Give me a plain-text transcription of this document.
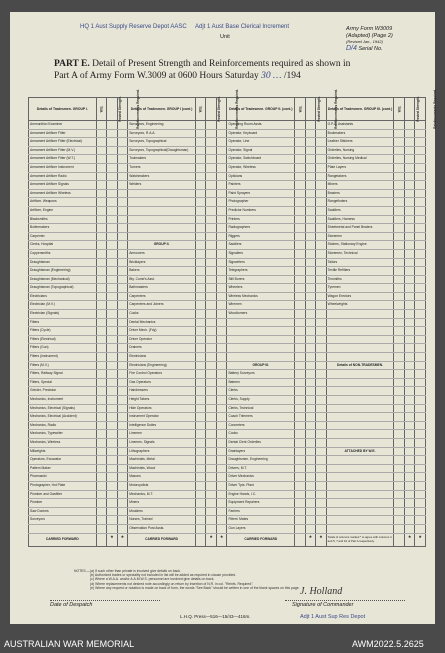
HQ 1 Aust Supply Reserve Depot AASC Adjt 1 Aust Base Clerical Increment
Unit
Army Form W3009
(Adapted) (Page 2)
(Revised Jan., 1942)
D/4 Serial No.
PART E. Detail of Present Strength and Reinforcements required as shown in
Part A of Army Form W.3009 at 0600 Hours Saturday 30 … /194
Details of Tradesmen. GROUP I.	W.E.	Posted Strength.	Reinforcements Required.	Details of Tradesmen. GROUP I (cont.)	W.E.	Posted Strength.	Reinforcements Required.	Details of Tradesmen. GROUP II. (cont.)	W.E.	Posted Strength.	Reinforcements Required.	Details of Tradesmen. GROUP III. (cont.)	W.E.	Posted Strength.	Reinforcements Required.
Ammunition Examiner				Surveyors, Engineering				Operating Room Assts.				O.P.G. Assistants			
Armament Artificer Fitter				Surveyors, R.A.A.				Operator, Keyboard				Bootmakers			
Armament Artificer Fitter (Electrical)				Surveyors, Topographical				Operator, Line				Leather Stitchers			
Armament Artificer Fitter (M.V.)				Surveyors, Topographical(Draughtsman)				Operator, Signal				Orderlies, Nursing			
Armament Artificer Fitter (W.T.)				Toolmakers				Operator, Switchboard				Orderlies, Nursing Medical			
Armament Artificer Instrument				Turners				Operator, Wireless				Plate Layers			
Armament Artificer Radio				Watchmakers				Opticians				Rangetakers			
Armament Artificer Signals				Welders				Painters				Miners			
Armament Artificer Wireless								Paint Sprayers				Braziers			
Artificer, Weapons								Photographer				Rangefinders			
Artificer, Engine								Predictor Numbers				Saddlers			
Blacksmiths								Printers				Saddlers, Harness			
Boilermakers								Radiographers				Sheetmetal and Panel Beaters			
Carpenter								Riggers				Storemen			
Clerks, Hospital				GROUP II.				Saddlers				Stokers, Stationary Engine			
Coppersmiths				Armourers				Signallers				Storemen, Technical			
Draughtsman				Bricklayers				Signwriters				Tailors			
Draughtsman (Engineering)				Bakers				Telegraphers				Textile Refitters			
Draughtsman (Mechanical)				Bty. Comd's Asst.				Still Borers				Tinsmiths			
Draughtsman (Topographical)				Bathmasters				Wheelers				Tyremen			
Electricians				Carpenters				Wireless Mechanics				Wagon Erectors			
Electrician (M.V.)				Carpenters and Joiners				Wiremen				Wheelwrights			
Electrician (Signals)				Cooks				Woodturners							
Fitters				Dental Mechanics											
Fitters (Cycle)				Driver Mech. (Fdy)											
Fitters (Electrical)				Driver Operator											
Fitters (Gun)				Drainers											
Fitters (Instrument)				Electricians											
Fitters (M.V.)				Electricians (Engineering)				GROUP III.				Details of NON-TRADESMEN.			
Fitters, Railway Signal				Fire Control Operators				Battery Surveyors							
Fitters, Special				Gas Operators				Batmen							
Grinder, Precision				Hairdressers				Clerks							
Mechanics, Instrument				Height Takers				Clerks, Supply							
Mechanics, Electrical (Signals)				Hide Operators				Clerks, Technical							
Mechanics, Electrical (Accident)				Instrument Operator				Coach Trimmers							
Mechanics, Radio				Intelligence Duties				Concreters							
Mechanics, Typewriter				Linemen				Cooks							
Mechanics, Wireless				Linemen, Signals				Dental Clerk Orderlies							
Millwrights				Lithographers				Drainlayers				ATTACHED BY W.E.			
Operators, Excavator				Machinists, Metal				Draughtsmen, Engineering							
Pattern Maker				Machinists, Wood				Drivers, M.T.							
Pharmacist				Masons				Driver Mechanics							
Photographer, Hot Plate				Motorcyclists				Driver Tpts. Plant							
Plumber and Gasfitter				Mechanics, M.T.				Engine Hands, I.C.							
Plumber				Miners				Equipment Repairers							
Saw Doctors				Moulders				Farriers							
Surveyors				Nurses, Trained				Fitters' Mates							
				Observation Post Assts.				Gun Layers							
CARRIED FORWARD		*	*	CARRIED FORWARD		*	*	CARRIED FORWARD		*	*	Totals of columns marked * to agree with columns 4 and 5, 7 and 10 of Part A respectively.		*	*
NOTES.—(a) If such other than private is involved give details on back.
(b) Authorized trades or speciality not included in list will be added as required in clause provided.
(c) Where a W.A.A. and/or A.A.M.W.S. personnel are involved give details on back.
(d) Where replacements not desired note accordingly on return by insertion of N.R. in col. "Reinfs. Required".
(e) Where any request or notation is made on back of form, the words "See Back" should be written in one of the blank spaces on this page.
Date of Despatch
J. Holland
Signature of Commander
L.H.Q. Press—516—15/43—416m.	Adjt 1 Aust Sup Res Depot
AUSTRALIAN WAR MEMORIAL	AWM2022.5.2625
